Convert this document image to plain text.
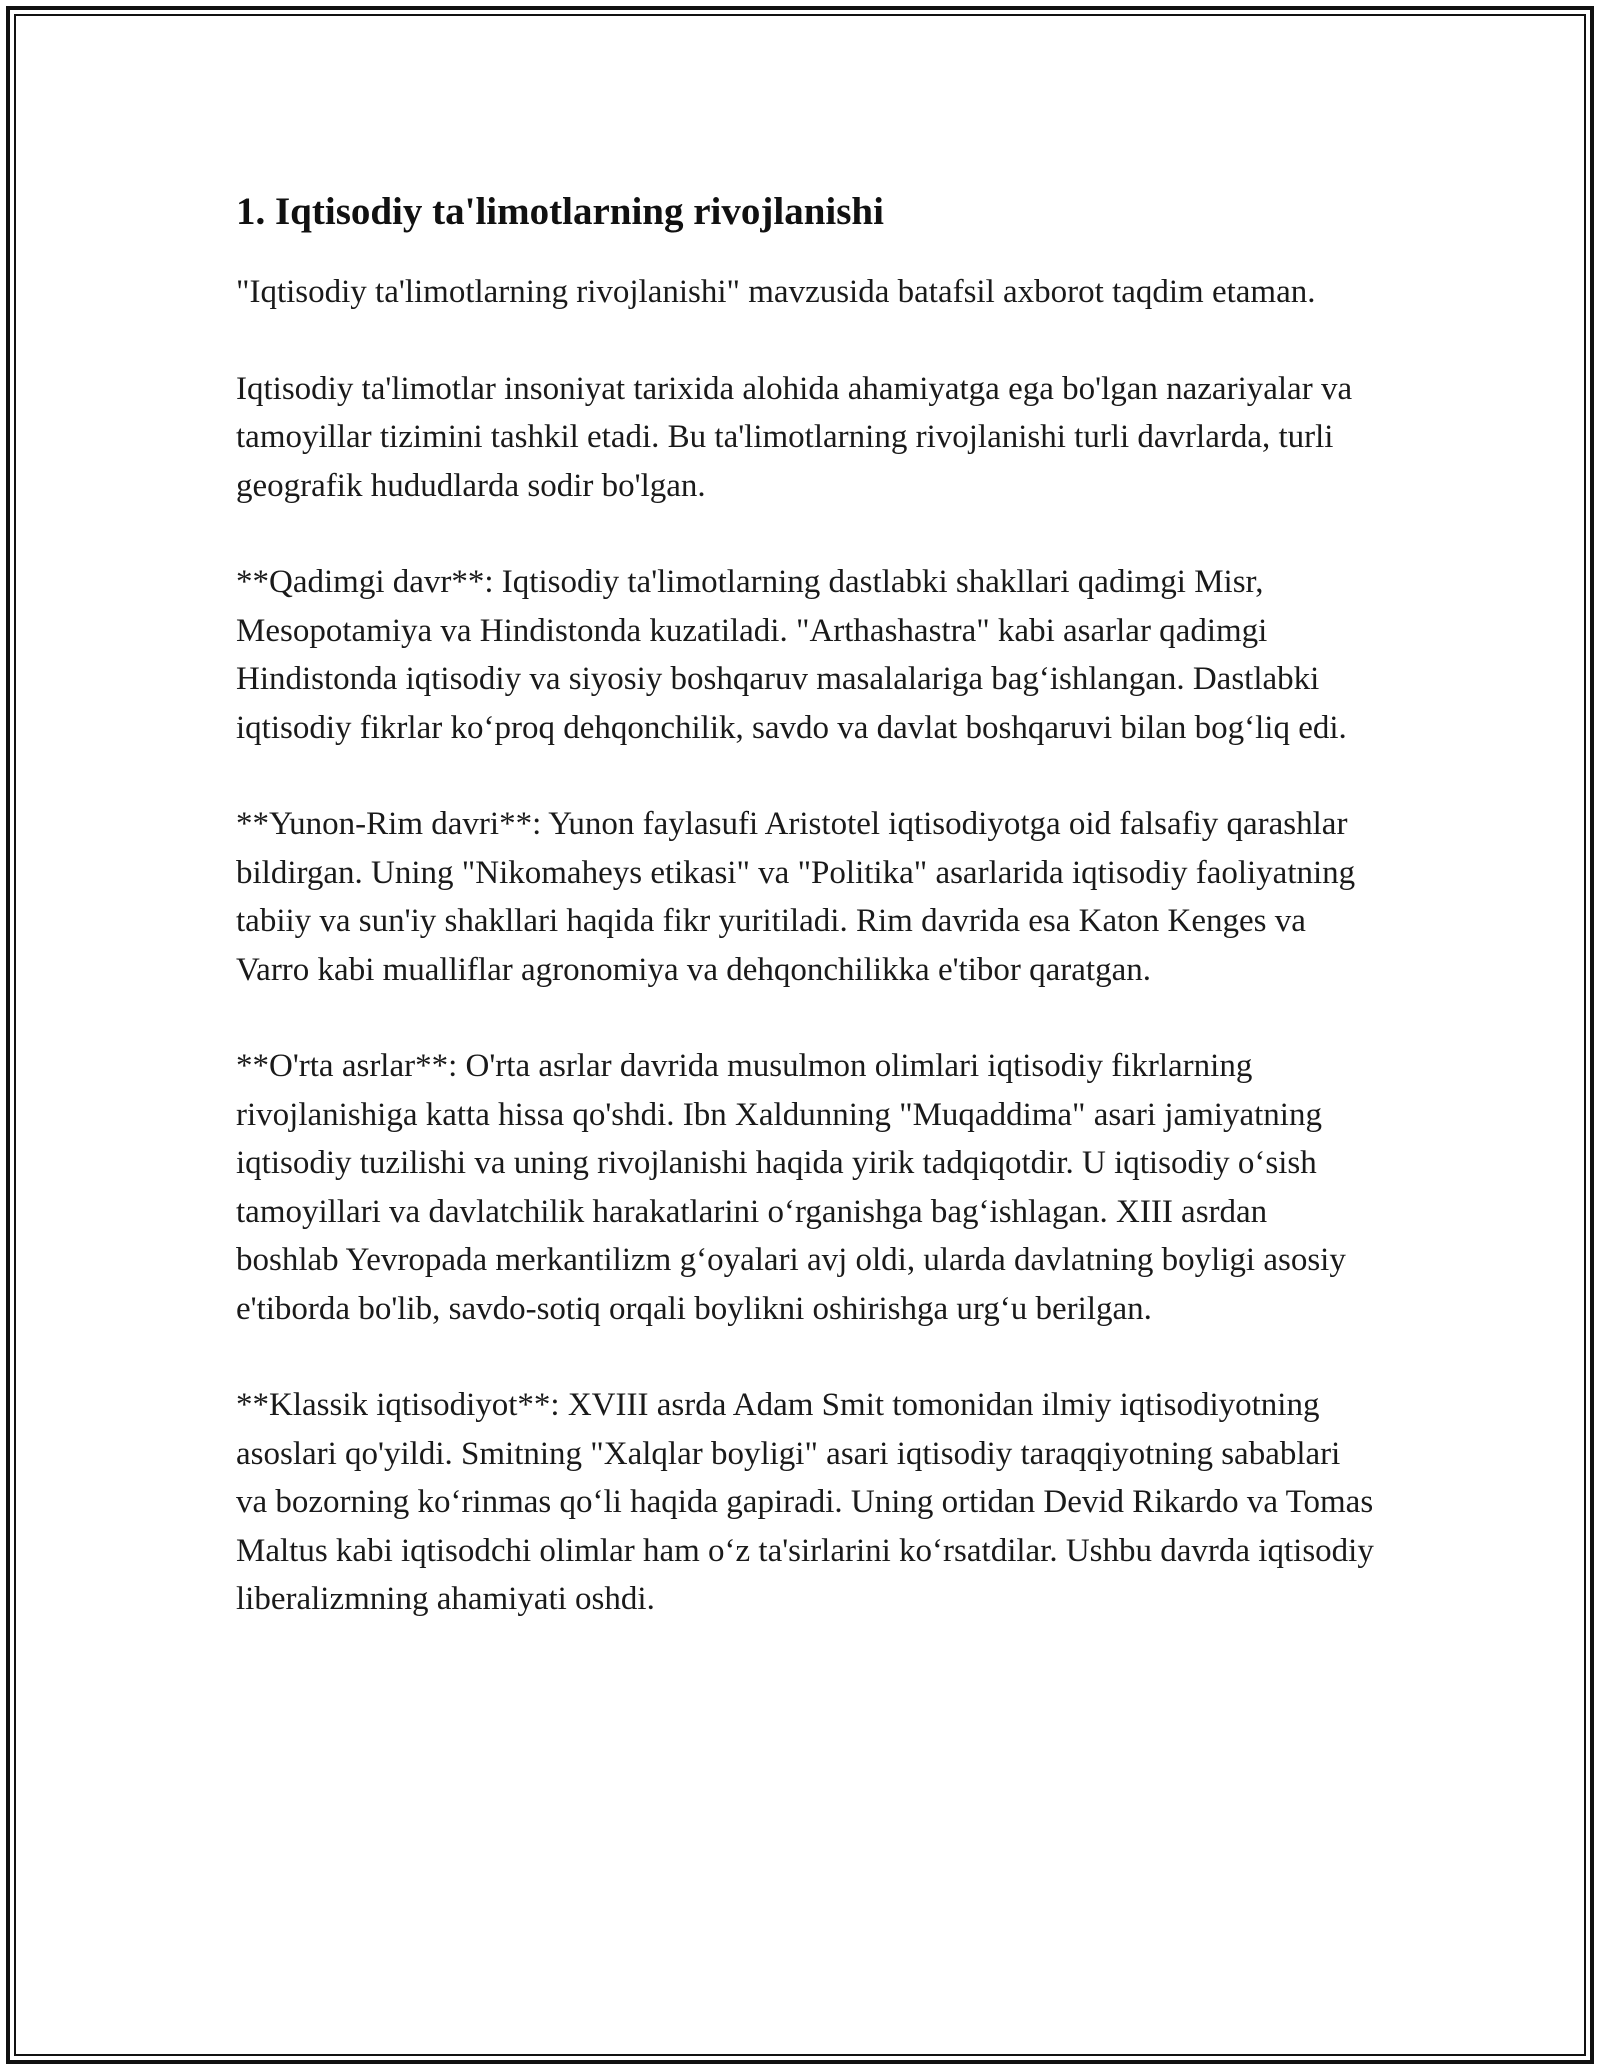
1. Iqtisodiy ta'limotlarning rivojlanishi

"Iqtisodiy ta'limotlarning rivojlanishi" mavzusida batafsil axborot taqdim etaman.

Iqtisodiy ta'limotlar insoniyat tarixida alohida ahamiyatga ega bo'lgan nazariyalar va tamoyillar tizimini tashkil etadi. Bu ta'limotlarning rivojlanishi turli davrlarda, turli geografik hududlarda sodir bo'lgan.

**Qadimgi davr**: Iqtisodiy ta'limotlarning dastlabki shakllari qadimgi Misr, Mesopotamiya va Hindistonda kuzatiladi. "Arthashastra" kabi asarlar qadimgi Hindistonda iqtisodiy va siyosiy boshqaruv masalalariga bag‘ishlangan. Dastlabki iqtisodiy fikrlar ko‘proq dehqonchilik, savdo va davlat boshqaruvi bilan bog‘liq edi.

**Yunon-Rim davri**: Yunon faylasufi Aristotel iqtisodiyotga oid falsafiy qarashlar bildirgan. Uning "Nikomaheys etikasi" va "Politika" asarlarida iqtisodiy faoliyatning tabiiy va sun'iy shakllari haqida fikr yuritiladi. Rim davrida esa Katon Kenges va Varro kabi mualliflar agronomiya va dehqonchilikka e'tibor qaratgan.

**O'rta asrlar**: O'rta asrlar davrida musulmon olimlari iqtisodiy fikrlarning rivojlanishiga katta hissa qo'shdi. Ibn Xaldunning "Muqaddima" asari jamiyatning iqtisodiy tuzilishi va uning rivojlanishi haqida yirik tadqiqotdir. U iqtisodiy o‘sish tamoyillari va davlatchilik harakatlarini o‘rganishga bag‘ishlagan. XIII asrdan boshlab Yevropada merkantilizm g‘oyalari avj oldi, ularda davlatning boyligi asosiy e'tiborda bo'lib, savdo-sotiq orqali boylikni oshirishga urg‘u berilgan.

**Klassik iqtisodiyot**: XVIII asrda Adam Smit tomonidan ilmiy iqtisodiyotning asoslari qo'yildi. Smitning "Xalqlar boyligi" asari iqtisodiy taraqqiyotning sabablari va bozorning ko‘rinmas qo‘li haqida gapiradi. Uning ortidan Devid Rikardo va Tomas Maltus kabi iqtisodchi olimlar ham o‘z ta'sirlarini ko‘rsatdilar. Ushbu davrda iqtisodiy liberalizmning ahamiyati oshdi.
